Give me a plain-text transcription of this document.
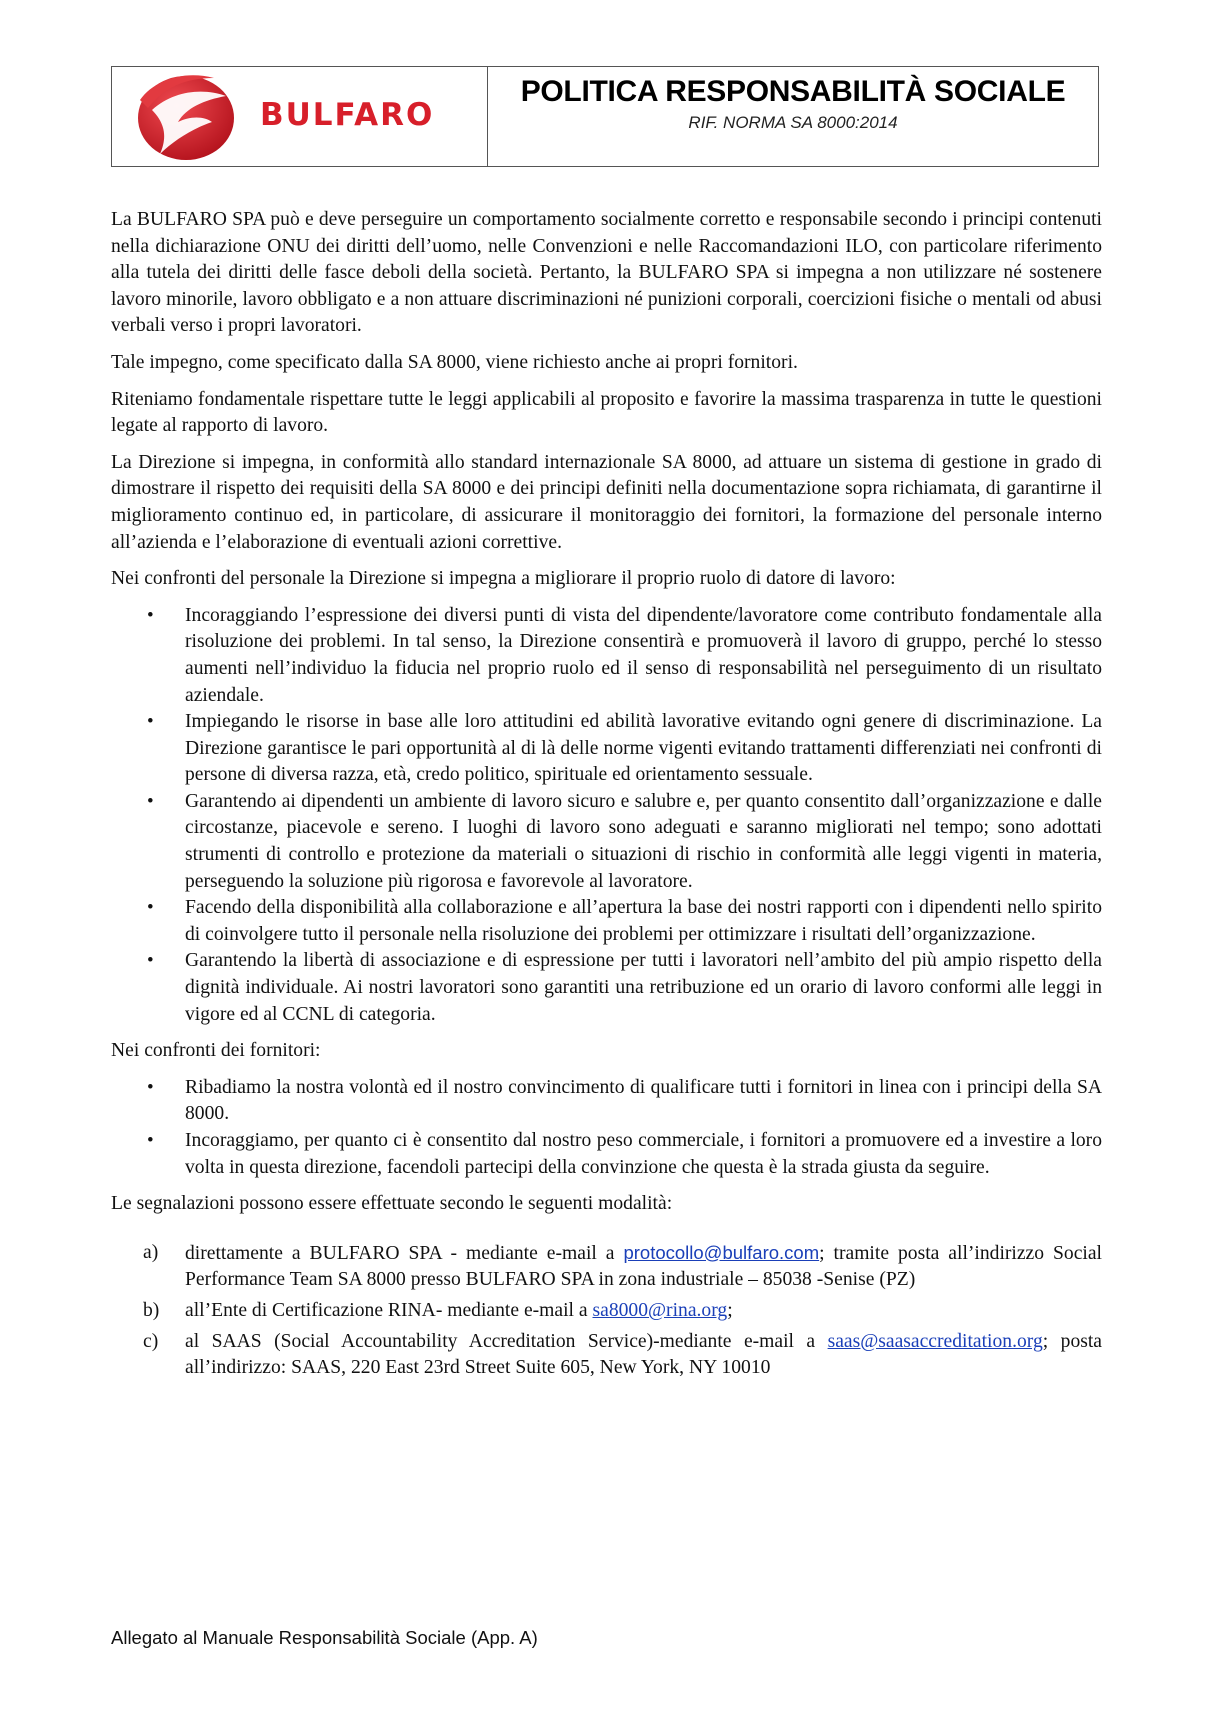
BULFARO
POLITICA RESPONSABILITÀ SOCIALE
RIF. NORMA SA 8000:2014

La BULFARO SPA può e deve perseguire un comportamento socialmente corretto e responsabile secondo i principi contenuti nella dichiarazione ONU dei diritti dell’uomo, nelle Convenzioni e nelle Raccomandazioni ILO, con particolare riferimento alla tutela dei diritti delle fasce deboli della società. Pertanto, la BULFARO SPA si impegna a non utilizzare né sostenere lavoro minorile, lavoro obbligato e a non attuare discriminazioni né punizioni corporali, coercizioni fisiche o mentali od abusi verbali verso i propri lavoratori.

Tale impegno, come specificato dalla SA 8000, viene richiesto anche ai propri fornitori.

Riteniamo fondamentale rispettare tutte le leggi applicabili al proposito e favorire la massima trasparenza in tutte le questioni legate al rapporto di lavoro.

La Direzione si impegna, in conformità allo standard internazionale SA 8000, ad attuare un sistema di gestione in grado di dimostrare il rispetto dei requisiti della SA 8000 e dei principi definiti nella documentazione sopra richiamata, di garantirne il miglioramento continuo ed, in particolare, di assicurare il monitoraggio dei fornitori, la formazione del personale interno all’azienda e l’elaborazione di eventuali azioni correttive.

Nei confronti del personale la Direzione si impegna a migliorare il proprio ruolo di datore di lavoro:

• Incoraggiando l’espressione dei diversi punti di vista del dipendente/lavoratore come contributo fondamentale alla risoluzione dei problemi. In tal senso, la Direzione consentirà e promuoverà il lavoro di gruppo, perché lo stesso aumenti nell’individuo la fiducia nel proprio ruolo ed il senso di responsabilità nel perseguimento di un risultato aziendale.
• Impiegando le risorse in base alle loro attitudini ed abilità lavorative evitando ogni genere di discriminazione. La Direzione garantisce le pari opportunità al di là delle norme vigenti evitando trattamenti differenziati nei confronti di persone di diversa razza, età, credo politico, spirituale ed orientamento sessuale.
• Garantendo ai dipendenti un ambiente di lavoro sicuro e salubre e, per quanto consentito dall’organizzazione e dalle circostanze, piacevole e sereno. I luoghi di lavoro sono adeguati e saranno migliorati nel tempo; sono adottati strumenti di controllo e protezione da materiali o situazioni di rischio in conformità alle leggi vigenti in materia, perseguendo la soluzione più rigorosa e favorevole al lavoratore.
• Facendo della disponibilità alla collaborazione e all’apertura la base dei nostri rapporti con i dipendenti nello spirito di coinvolgere tutto il personale nella risoluzione dei problemi per ottimizzare i risultati dell’organizzazione.
• Garantendo la libertà di associazione e di espressione per tutti i lavoratori nell’ambito del più ampio rispetto della dignità individuale. Ai nostri lavoratori sono garantiti una retribuzione ed un orario di lavoro conformi alle leggi in vigore ed al CCNL di categoria.

Nei confronti dei fornitori:

• Ribadiamo la nostra volontà ed il nostro convincimento di qualificare tutti i fornitori in linea con i principi della SA 8000.
• Incoraggiamo, per quanto ci è consentito dal nostro peso commerciale, i fornitori a promuovere ed a investire a loro volta in questa direzione, facendoli partecipi della convinzione che questa è la strada giusta da seguire.

Le segnalazioni possono essere effettuate secondo le seguenti modalità:

a) direttamente a BULFARO SPA - mediante e-mail a protocollo@bulfaro.com; tramite posta all’indirizzo Social Performance Team SA 8000 presso BULFARO SPA in zona industriale – 85038 -Senise (PZ)
b) all’Ente di Certificazione RINA- mediante e-mail a sa8000@rina.org;
c) al SAAS (Social Accountability Accreditation Service)-mediante e-mail a saas@saasaccreditation.org; posta all’indirizzo: SAAS, 220 East 23rd Street Suite 605, New York, NY 10010
Allegato al Manuale Responsabilità Sociale (App. A)
